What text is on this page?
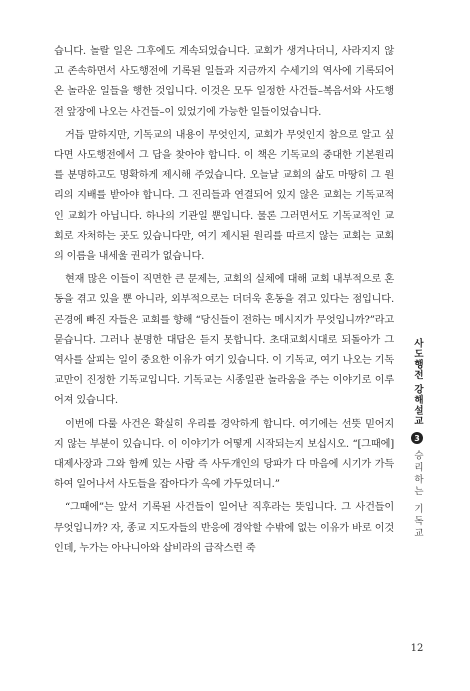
습니다. 놀랄 일은 그후에도 계속되었습니다. 교회가 생겨나더니, 사라지지 않고 존속하면서 사도행전에 기록된 일들과 지금까지 수세기의 역사에 기록되어 온 놀라운 일들을 행한 것입니다. 이것은 모두 일정한 사건들–복음서와 사도행전 앞장에 나오는 사건들–이 있었기에 가능한 일들이었습니다.

거듭 말하지만, 기독교의 내용이 무엇인지, 교회가 무엇인지 참으로 알고 싶다면 사도행전에서 그 답을 찾아야 합니다. 이 책은 기독교의 중대한 기본원리를 분명하고도 명확하게 제시해 주었습니다. 오늘날 교회의 삶도 마땅히 그 원리의 지배를 받아야 합니다. 그 진리들과 연결되어 있지 않은 교회는 기독교적인 교회가 아닙니다. 하나의 기관일 뿐입니다. 물론 그러면서도 기독교적인 교회로 자처하는 곳도 있습니다만, 여기 제시된 원리를 따르지 않는 교회는 교회의 이름을 내세울 권리가 없습니다.

현재 많은 이들이 직면한 큰 문제는, 교회의 실체에 대해 교회 내부적으로 혼동을 겪고 있을 뿐 아니라, 외부적으로는 더더욱 혼동을 겪고 있다는 점입니다. 곤경에 빠진 자들은 교회를 향해 “당신들이 전하는 메시지가 무엇입니까?”라고 묻습니다. 그러나 분명한 대답은 듣지 못합니다. 초대교회시대로 되돌아가 그 역사를 살피는 일이 중요한 이유가 여기 있습니다. 이 기독교, 여기 나오는 기독교만이 진정한 기독교입니다. 기독교는 시종일관 놀라움을 주는 이야기로 이루어져 있습니다.

이번에 다룰 사건은 확실히 우리를 경악하게 합니다. 여기에는 선뜻 믿어지지 않는 부분이 있습니다. 이 이야기가 어떻게 시작되는지 보십시오. “[그때에] 대제사장과 그와 함께 있는 사람 즉 사두개인의 당파가 다 마음에 시기가 가득하여 일어나서 사도들을 잡아다가 옥에 가두었더니.”

“그때에”는 앞서 기록된 사건들이 일어난 직후라는 뜻입니다. 그 사건들이 무엇입니까? 자, 종교 지도자들의 반응에 경악할 수밖에 없는 이유가 바로 이것인데, 누가는 아나니아와 삽비라의 급작스런 죽

사도행전 강해설교
3
승리하는 기독교
12
